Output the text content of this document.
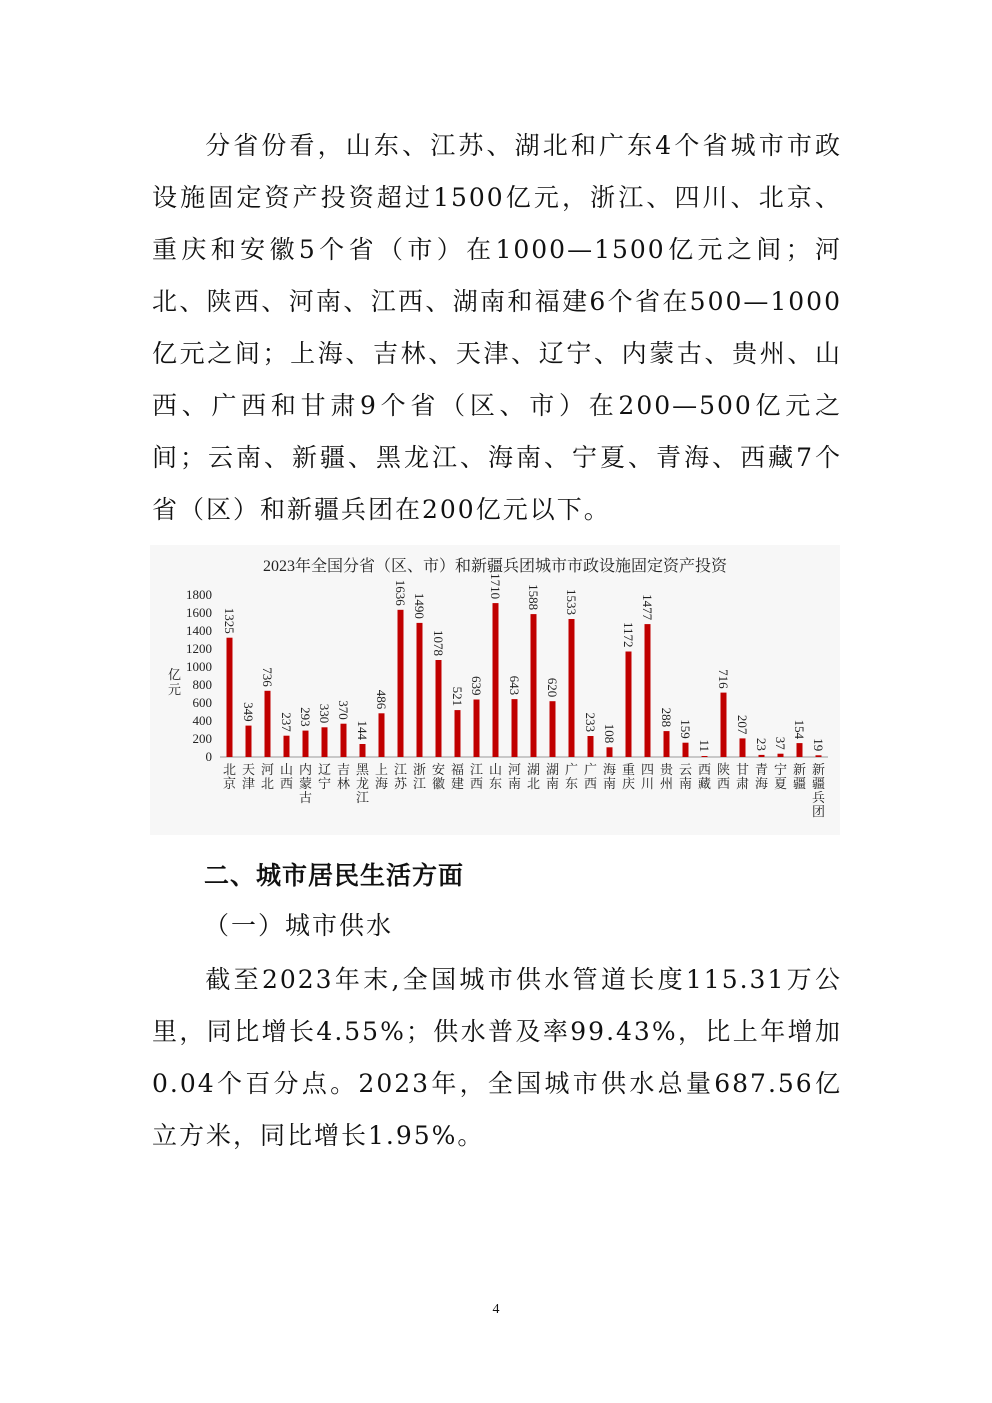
分省份看，山东、江苏、湖北和广东4个省城市市政设施固定资产投资超过1500亿元，浙江、四川、北京、重庆和安徽5个省（市）在1000—1500亿元之间；河北、陕西、河南、江西、湖南和福建6个省在500—1000亿元之间；上海、吉林、天津、辽宁、内蒙古、贵州、山西、广西和甘肃9个省（区、市）在200—500亿元之间；云南、新疆、黑龙江、海南、宁夏、青海、西藏7个省（区）和新疆兵团在200亿元以下。

2023年全国分省（区、市）和新疆兵团城市市政设施固定资产投资
亿元
0
200
400
600
800
1000
1200
1400
1600
1800
1325
349
736
237 293 330 370
144
486
1636
1490
1078
521
639
1710
643
1588
620
1533
233
108
1172
1477
288
159
11
716
207
23 37
154
19
北京
天津
河北
山西
内蒙古
辽宁
吉林
黑龙江
上海
江苏
浙江
安徽
福建
江西
山东
河南
湖北
湖南
广东
广西
海南
重庆
四川
贵州
云南
西藏
陕西
甘肃
青海
宁夏
新疆
新疆兵团

二、城市居民生活方面

（一）城市供水

截至2023年末,全国城市供水管道长度115.31万公里，同比增长4.55%；供水普及率99.43%，比上年增加0.04个百分点。2023年，全国城市供水总量687.56亿立方米，同比增长1.95%。

4
